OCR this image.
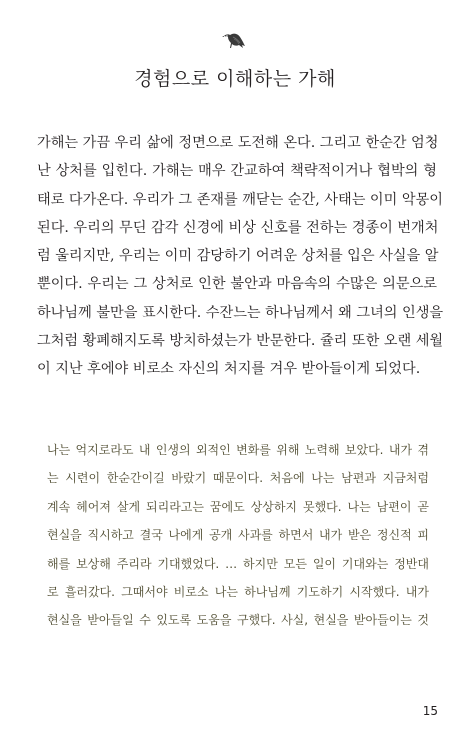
경험으로 이해하는 가해
가해는 가끔 우리 삶에 정면으로 도전해 온다. 그리고 한순간 엄청
난 상처를 입힌다. 가해는 매우 간교하여 책략적이거나 협박의 형
태로 다가온다. 우리가 그 존재를 깨닫는 순간, 사태는 이미 악몽이
된다. 우리의 무딘 감각 신경에 비상 신호를 전하는 경종이 번개처
럼 울리지만, 우리는 이미 감당하기 어려운 상처를 입은 사실을 알
뿐이다. 우리는 그 상처로 인한 불안과 마음속의 수많은 의문으로
하나님께 불만을 표시한다. 수잔느는 하나님께서 왜 그녀의 인생을
그처럼 황폐해지도록 방치하셨는가 반문한다. 쥴리 또한 오랜 세월
이 지난 후에야 비로소 자신의 처지를 겨우 받아들이게 되었다.
나는 억지로라도 내 인생의 외적인 변화를 위해 노력해 보았다. 내가 겪
는 시련이 한순간이길 바랐기 때문이다. 처음에 나는 남편과 지금처럼
계속 헤어져 살게 되리라고는 꿈에도 상상하지 못했다. 나는 남편이 곧
현실을 직시하고 결국 나에게 공개 사과를 하면서 내가 받은 정신적 피
해를 보상해 주리라 기대했었다. … 하지만 모든 일이 기대와는 정반대
로 흘러갔다. 그때서야 비로소 나는 하나님께 기도하기 시작했다. 내가
현실을 받아들일 수 있도록 도움을 구했다. 사실, 현실을 받아들이는 것
15
